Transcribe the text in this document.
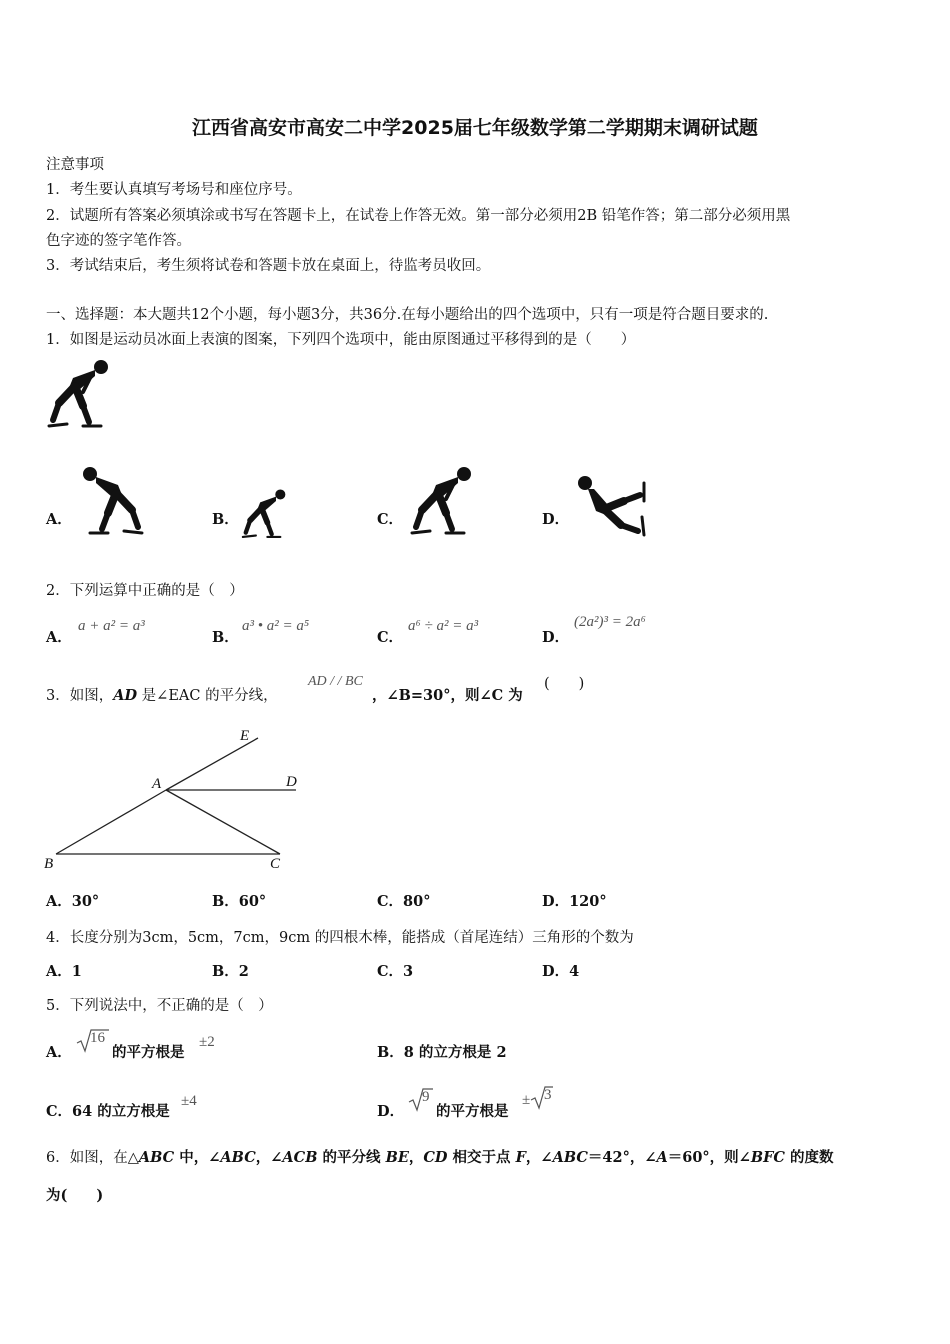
江西省高安市高安二中学2025届七年级数学第二学期期末调研试题
注意事项
1．考生要认真填写考场号和座位序号。
2．试题所有答案必须填涂或书写在答题卡上，在试卷上作答无效。第一部分必须用2B 铅笔作答；第二部分必须用黑
色字迹的签字笔作答。
3．考试结束后，考生须将试卷和答题卡放在桌面上，待监考员收回。
一、选择题：本大题共12个小题，每小题3分，共36分.在每小题给出的四个选项中，只有一项是符合题目要求的.
1．如图是运动员冰面上表演的图案，下列四个选项中，能由原图通过平移得到的是（　　）
A．	B．	C．	D．
2．下列运算中正确的是（　）
A．
a + a² = a³
B．
a³ • a² = a⁵
C．
a⁶ ÷ a² = a³
D．
(2a²)³ = 2a⁶
3．如图，AD 是∠EAC 的平分线，
AD / / BC
，∠B=30°，则∠C 为
(　　)
E
A	D
B	C
A．30°	B．60°	C．80°	D．120°
4．长度分别为3cm，5cm，7cm，9cm 的四根木棒，能搭成（首尾连结）三角形的个数为
A．1	B．2	C．3	D．4
5．下列说法中，不正确的是（　）
A．
16
的平方根是
±2
B．8 的立方根是 2
C．64 的立方根是
±4
D．
9
的平方根是
± 3
6．如图，在△ABC 中，∠ABC，∠ACB 的平分线 BE，CD 相交于点 F，∠ABC＝42°，∠A＝60°，则∠BFC 的度数
为(　　)
